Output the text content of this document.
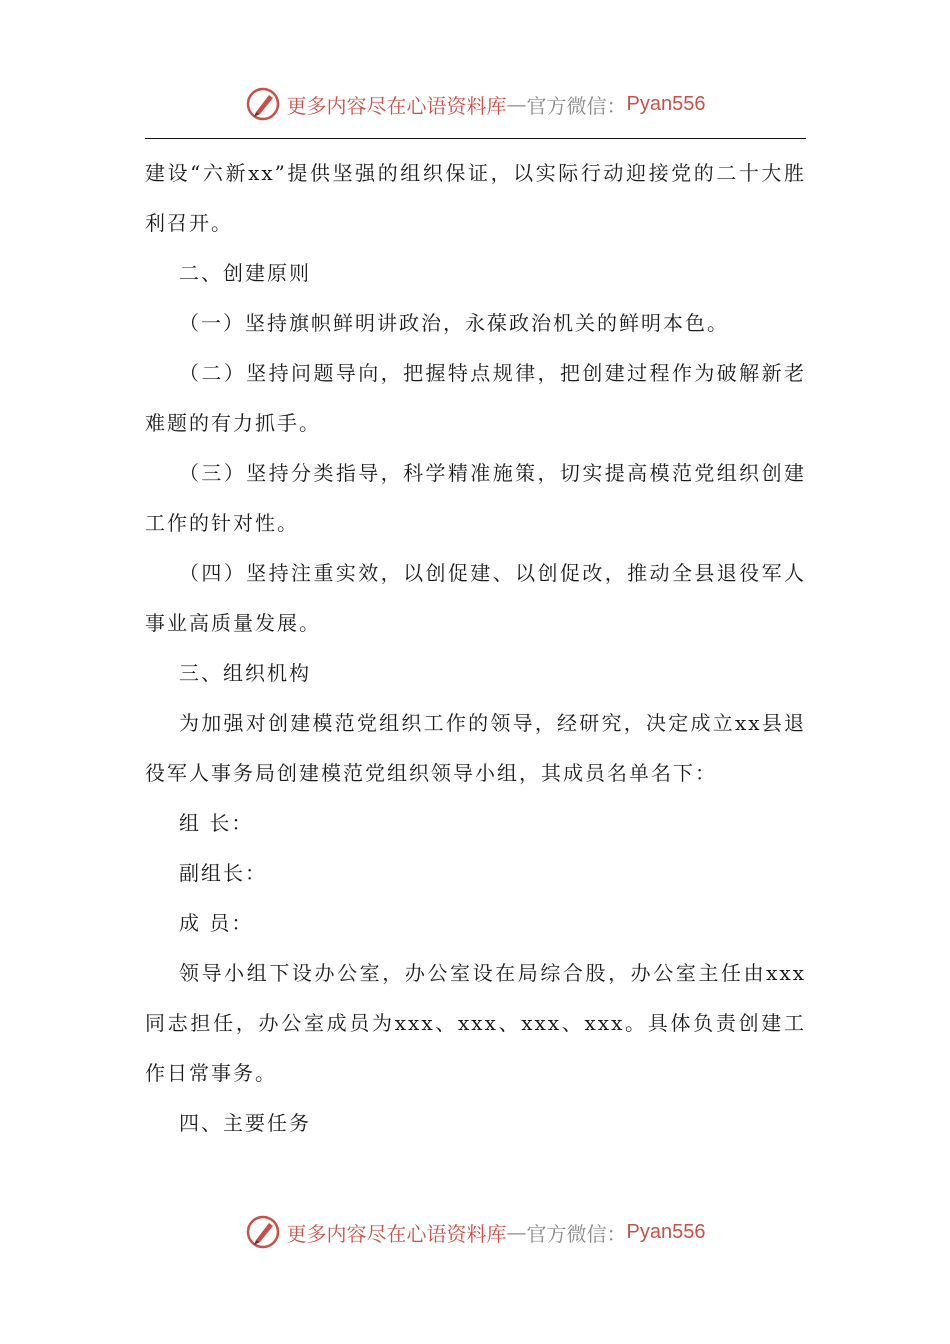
更多内容尽在心语资料库 — 官方微信： Pyan556

建设“六新xx”提供坚强的组织保证，以实际行动迎接党的二十大胜利召开。

二、创建原则

（一）坚持旗帜鲜明讲政治，永葆政治机关的鲜明本色。

（二）坚持问题导向，把握特点规律，把创建过程作为破解新老难题的有力抓手。

（三）坚持分类指导，科学精准施策，切实提高模范党组织创建工作的针对性。

（四）坚持注重实效，以创促建、以创促改，推动全县退役军人事业高质量发展。

三、组织机构

为加强对创建模范党组织工作的领导，经研究，决定成立xx县退役军人事务局创建模范党组织领导小组，其成员名单名下：

组 长：

副组长：

成 员：

领导小组下设办公室，办公室设在局综合股，办公室主任由xxx同志担任，办公室成员为xxx、xxx、xxx、xxx。具体负责创建工作日常事务。

四、主要任务

更多内容尽在心语资料库 — 官方微信： Pyan556
